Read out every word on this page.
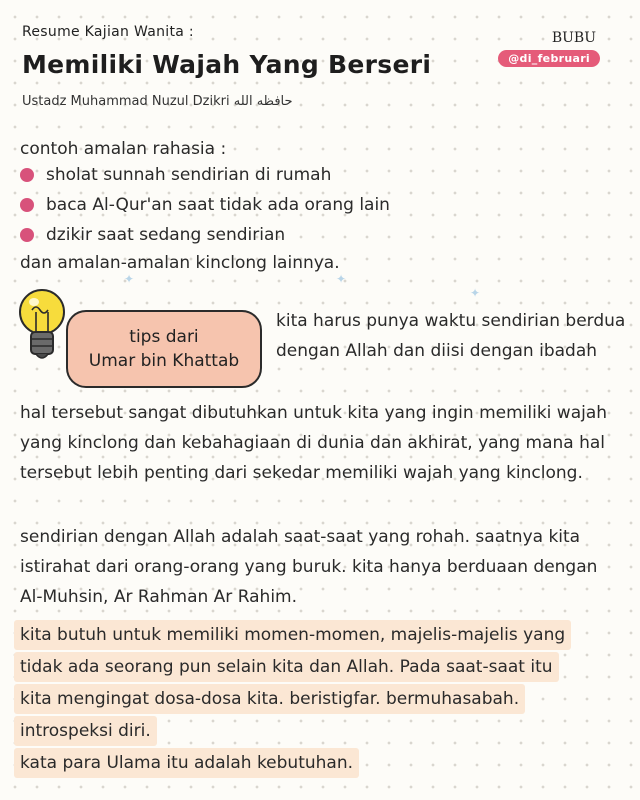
Resume Kajian Wanita :
Memiliki Wajah Yang Berseri
Ustadz Muhammad Nuzul Dzikri حافظه الله
BUBU
@di_februari
contoh amalan rahasia :
sholat sunnah sendirian di rumah
baca Al-Qur'an saat tidak ada orang lain
dzikir saat sedang sendirian
dan amalan-amalan kinclong lainnya.
✦	✦
✦
tips dari
Umar bin Khattab
kita harus punya waktu sendirian berdua dengan Allah dan diisi dengan ibadah
hal tersebut sangat dibutuhkan untuk kita yang ingin memiliki wajah yang kinclong dan kebahagiaan di dunia dan akhirat, yang mana hal tersebut lebih penting dari sekedar memiliki wajah yang kinclong.
sendirian dengan Allah adalah saat-saat yang rohah. saatnya kita istirahat dari orang-orang yang buruk. kita hanya berduaan dengan Al-Muhsin, Ar Rahman Ar Rahim.
kita butuh untuk memiliki momen-momen, majelis-majelis yang
tidak ada seorang pun selain kita dan Allah. Pada saat-saat itu
kita mengingat dosa-dosa kita. beristigfar. bermuhasabah.
introspeksi diri.
kata para Ulama itu adalah kebutuhan.
